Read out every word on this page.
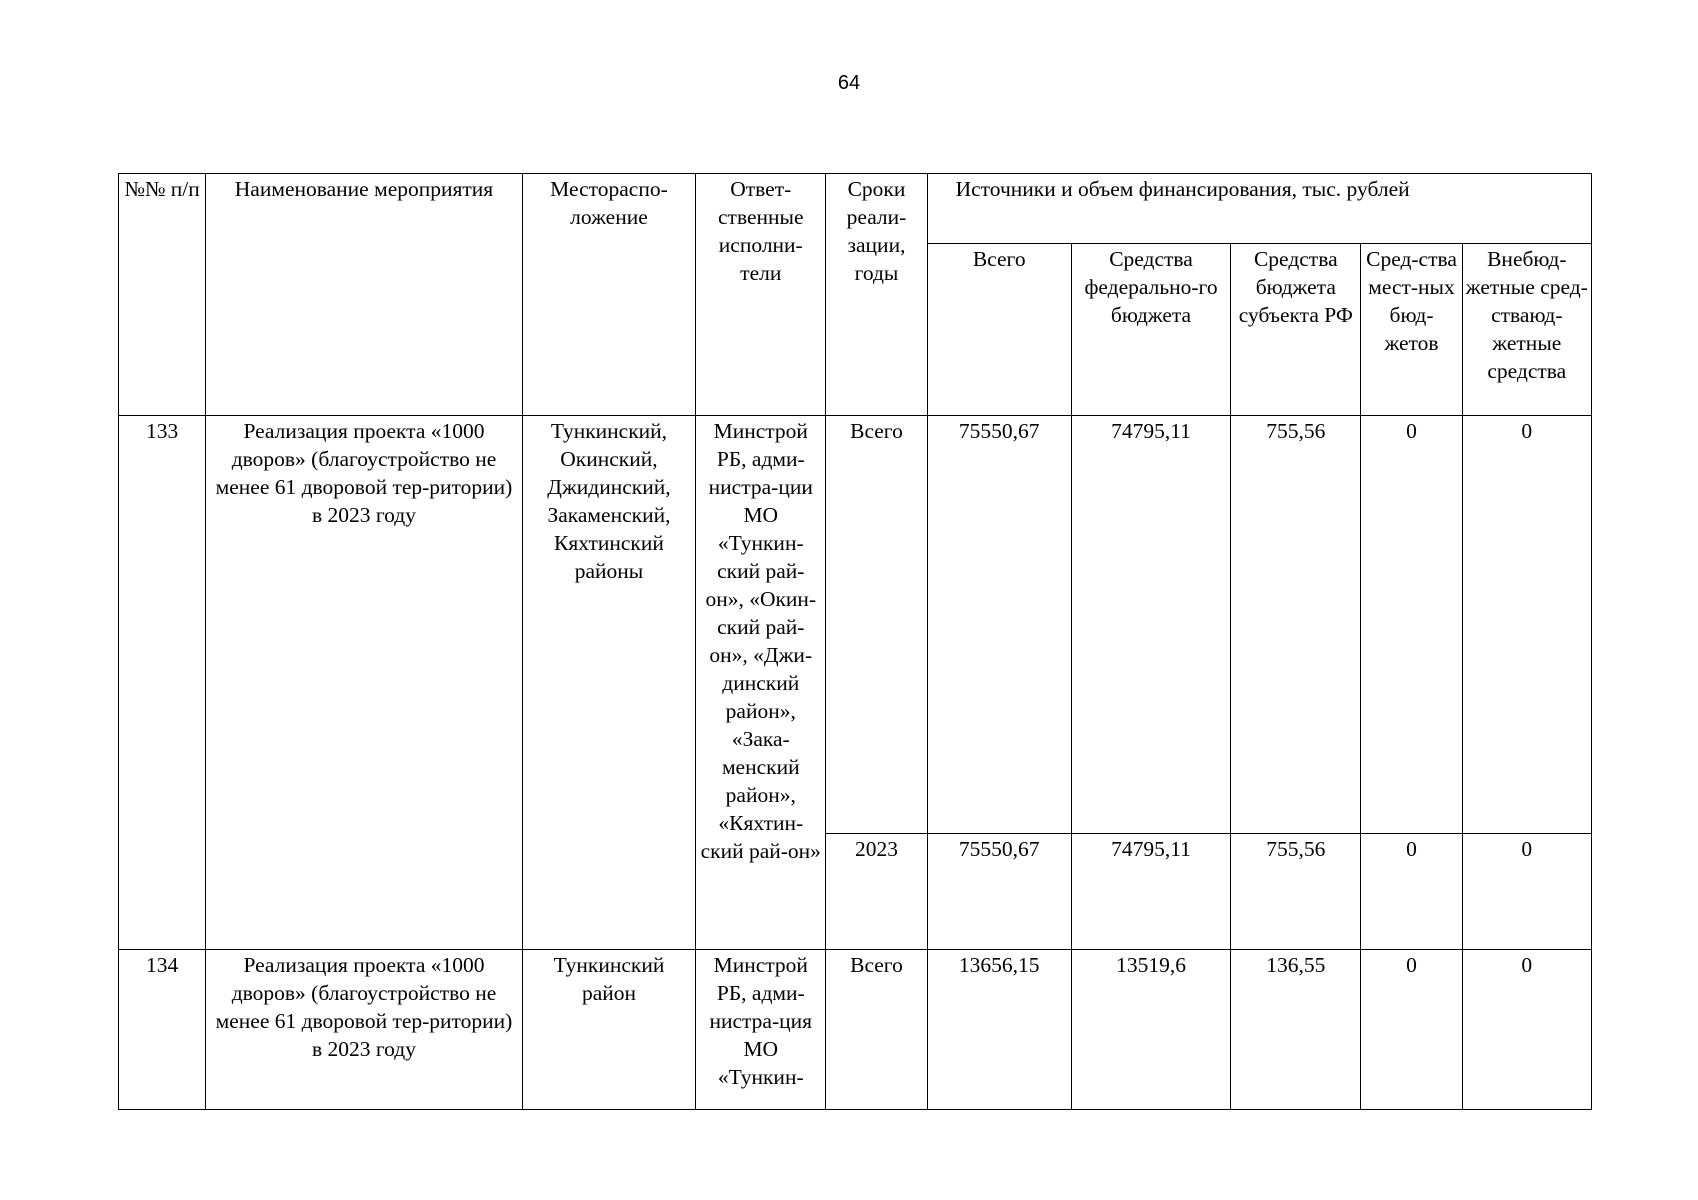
64
№№ п/п	Наименование мероприятия	Местораспо-ложение	Ответ-ственные исполни-тели	Сроки реали-зации, годы	Источники и объем финансирования, тыс. рублей				
					Всего	Средства федерально-го бюджета	Средства бюджета субъекта РФ	Сред-ства мест-ных бюд-жетов	Внебюд-жетные сред-стваюд-жетные средства
133	Реализация проекта «1000 дворов» (благоустройство не менее 61 дворовой тер-ритории) в 2023 году	Тункинский, Окинский, Джидинский, Закаменский, Кяхтинский районы	Минстрой РБ, адми-нистра-ции МО «Тункин-ский рай-он», «Окин-ский рай-он», «Джи-динский район», «Зака-менский район», «Кяхтин-ский рай-он»	Всего	75550,67	74795,11	755,56	0	0
				2023	75550,67	74795,11	755,56	0	0
134	Реализация проекта «1000 дворов» (благоустройство не менее 61 дворовой тер-ритории) в 2023 году	Тункинский район	Минстрой РБ, адми-нистра-ция МО «Тункин-	Всего	13656,15	13519,6	136,55	0	0
